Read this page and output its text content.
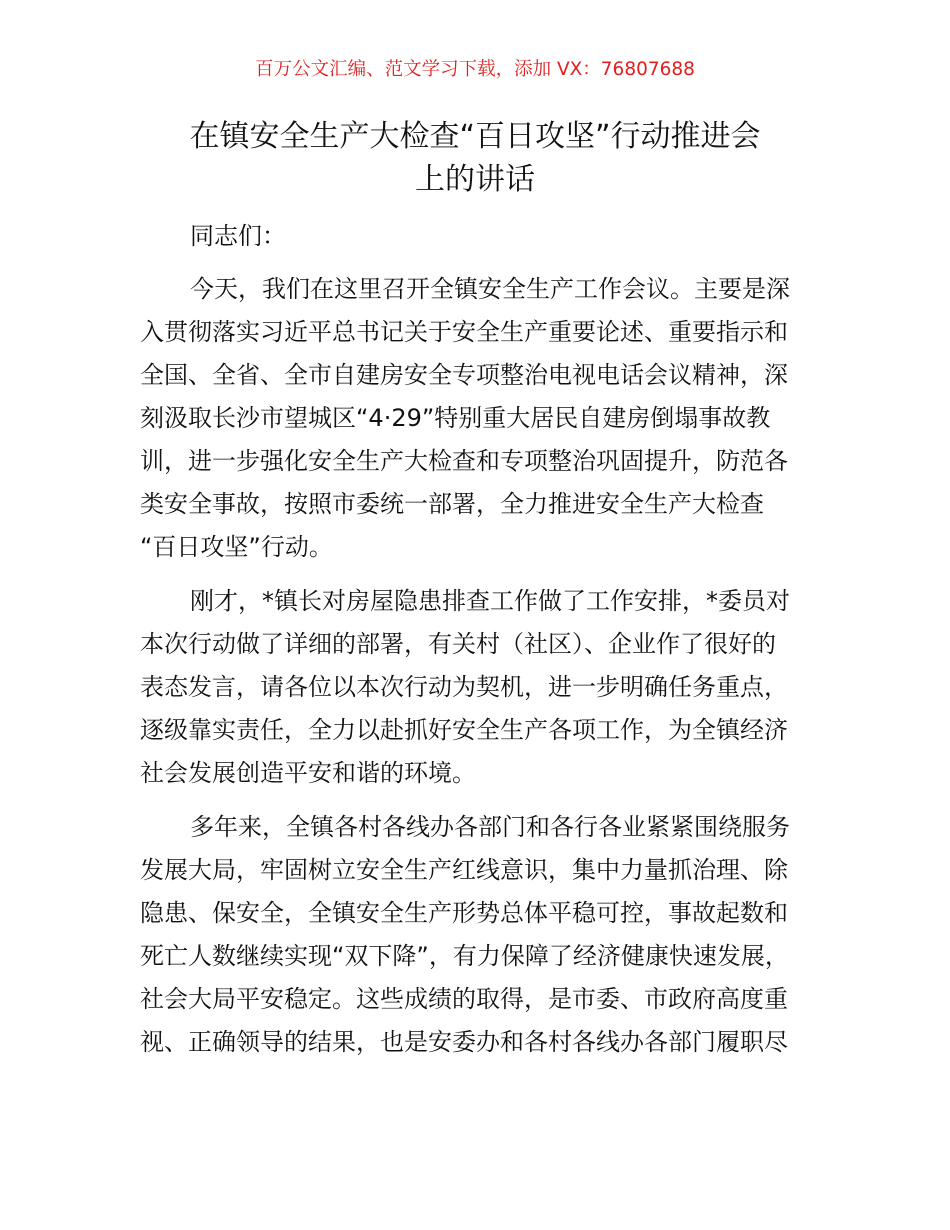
百万公文汇编、范文学习下载，添加 VX：76807688
在镇安全生产大检查“百日攻坚”行动推进会
上的讲话
同志们：
今天，我们在这里召开全镇安全生产工作会议。主要是深
入贯彻落实习近平总书记关于安全生产重要论述、重要指示和
全国、全省、全市自建房安全专项整治电视电话会议精神，深
刻汲取长沙市望城区“4·29”特别重大居民自建房倒塌事故教
训，进一步强化安全生产大检查和专项整治巩固提升，防范各
类安全事故，按照市委统一部署，全力推进安全生产大检查
“百日攻坚”行动。
刚才，*镇长对房屋隐患排查工作做了工作安排，*委员对
本次行动做了详细的部署，有关村（社区）、企业作了很好的
表态发言，请各位以本次行动为契机，进一步明确任务重点，
逐级靠实责任，全力以赴抓好安全生产各项工作，为全镇经济
社会发展创造平安和谐的环境。
多年来，全镇各村各线办各部门和各行各业紧紧围绕服务
发展大局，牢固树立安全生产红线意识，集中力量抓治理、除
隐患、保安全，全镇安全生产形势总体平稳可控，事故起数和
死亡人数继续实现“双下降”，有力保障了经济健康快速发展，
社会大局平安稳定。这些成绩的取得，是市委、市政府高度重
视、正确领导的结果，也是安委办和各村各线办各部门履职尽
